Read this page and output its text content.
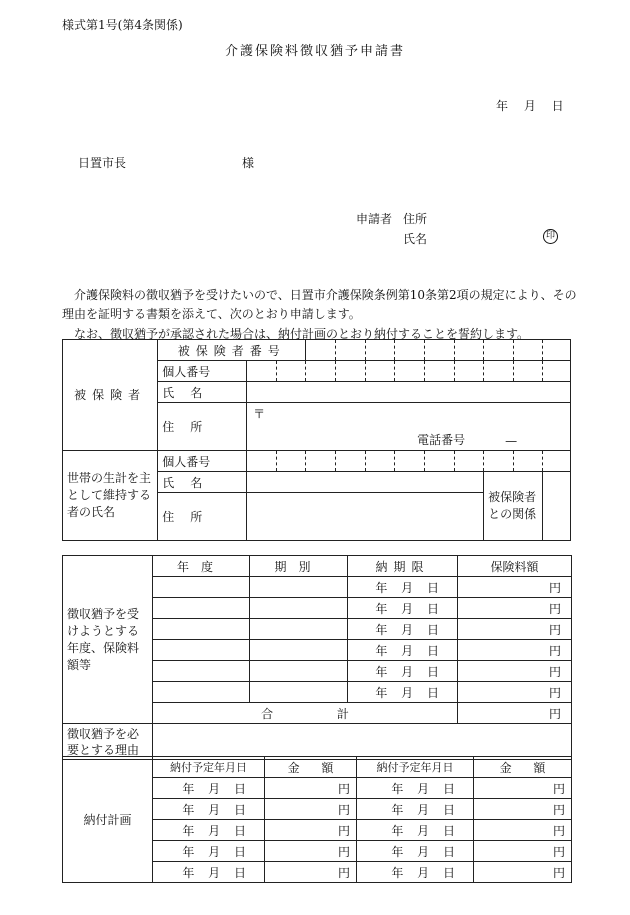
様式第1号(第4条関係)
介護保険料徴収猶予申請書
年 月 日
日置市長	様
申請者 住所
氏名	印
介護保険料の徴収猶予を受けたいので、日置市介護保険条例第10条第2項の規定により、その
理由を証明する書類を添えて、次のとおり申請します。
なお、徴収猶予が承認された場合は、納付計画のとおり納付することを誓約します。
被保険者	被保険者番号											
	個人番号											
	氏名											
	住所	〒
電話番号 —										

世帯の生計を主として維持する者の氏名	個人番号											
	氏名									被保険者との関係		
	住所											
徴収猶予を受けようとする年度、保険料額等	年度	期別	納期限	保険料額
			年 月 日	円
			年 月 日	円
			年 月 日	円
			年 月 日	円
			年 月 日	円
			年 月 日	円
	合 計			円
徴収猶予を必要とする理由				
納付計画	納付予定年月日	金 額	納付予定年月日	金 額
	年 月 日	円	年 月 日	円
	年 月 日	円	年 月 日	円
	年 月 日	円	年 月 日	円
	年 月 日	円	年 月 日	円
	年 月 日	円	年 月 日	円
